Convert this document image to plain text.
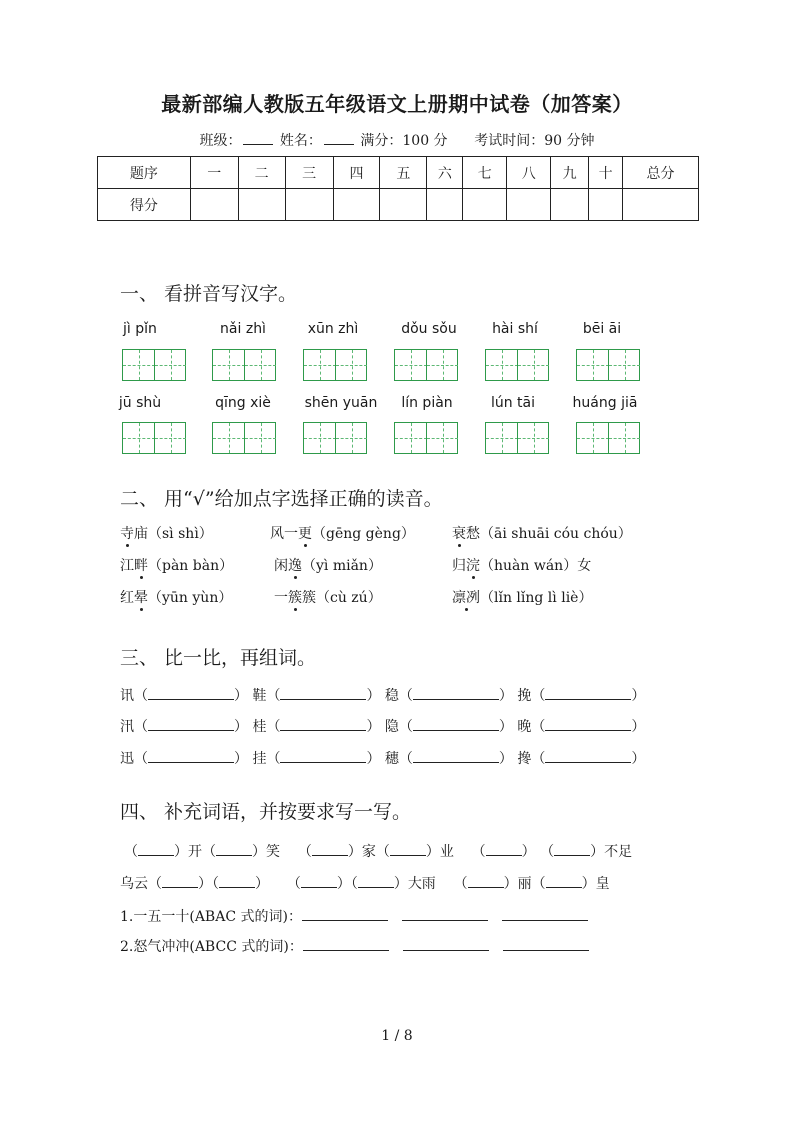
最新部编人教版五年级语文上册期中试卷（加答案）
班级：	姓名：	满分：100 分 考试时间：90 分钟
题序	一	二	三	四	五	六	七	八	九	十	总分
得分											
一、 看拼音写汉字。
jì pǐn	nǎi zhì	xūn zhì	dǒu sǒu	hài shí	bēi āi
jū shù	qīng xiè	shēn yuān	lín piàn	lún tāi	huáng jiā
二、 用“√”给加点字选择正确的读音。
寺庙（sì shì）	风一更（gēng gèng）	衰愁（āi shuāi cóu chóu）
江畔（pàn bàn）	闲逸（yì miǎn）	归浣（huàn wán）女
红晕（yūn yùn）	一簇簇（cù zú）	凛冽（lǐn lǐng lì liè）
三、 比一比，再组词。
讯（	） 鞋（	） 稳（	） 挽（	）
汛（	） 桂（	） 隐（	） 晚（	）
迅（	） 挂（	） 穗（	） 搀（	）
四、 补充词语，并按要求写一写。
（	）开（	）笑 （	）家（	）业 （	） （	）不足
乌云（	）（	） （	）（	）大雨 （	）丽（	）皇
1.一五一十(ABAC 式的词)：
2.怒气冲冲(ABCC 式的词)：
1 / 8
